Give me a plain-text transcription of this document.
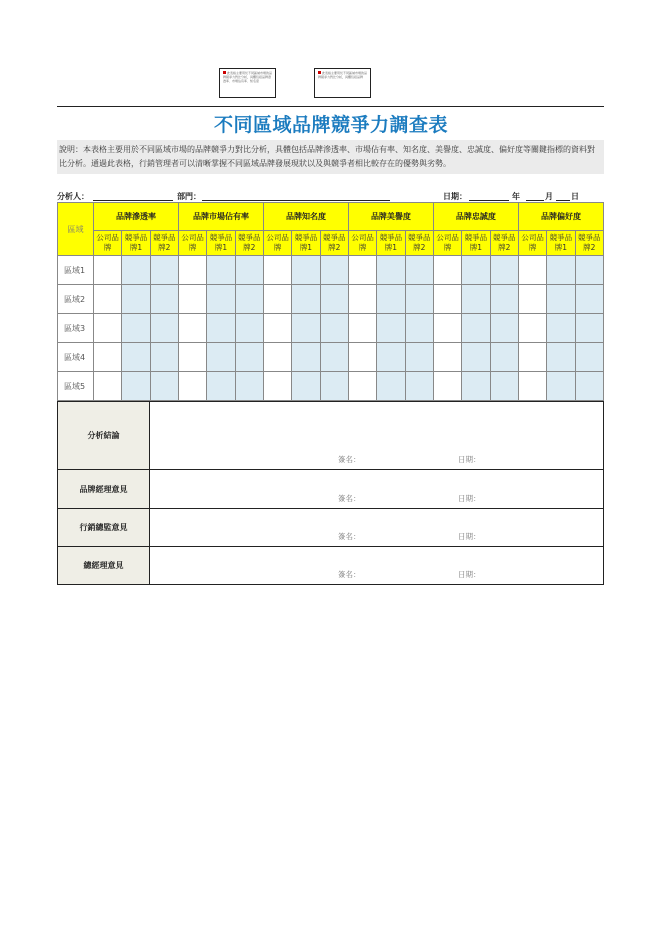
此表格主要用於不同區域市場的品牌競爭力對比分析，具體包括品牌滲透率、市場佔有率、知名度
此表格主要用於不同區域市場的品牌競爭力對比分析，具體包括品牌
不同區域品牌競爭力調查表
說明：本表格主要用於不同區域市場的品牌競爭力對比分析，具體包括品牌滲透率、市場佔有率、知名度、美譽度、忠誠度、偏好度等關鍵指標的資料對比分析。通過此表格，行銷管理者可以清晰掌握不同區域品牌發展現狀以及與競爭者相比較存在的優勢與劣勢。
分析人：	部門：	日期：	年	月 日
區域	品牌滲透率			品牌市場佔有率			品牌知名度			品牌美譽度			品牌忠誠度			品牌偏好度		
	公司品牌	競爭品牌1	競爭品牌2	公司品牌	競爭品牌1	競爭品牌2	公司品牌	競爭品牌1	競爭品牌2	公司品牌	競爭品牌1	競爭品牌2	公司品牌	競爭品牌1	競爭品牌2	公司品牌	競爭品牌1	競爭品牌2
區域1																		
區域2																		
區域3																		
區域4																		
區域5																		
分析結論	簽名： 日期：

品牌經理意見	簽名： 日期：

行銷總監意見	簽名： 日期：

總經理意見	簽名： 日期：
